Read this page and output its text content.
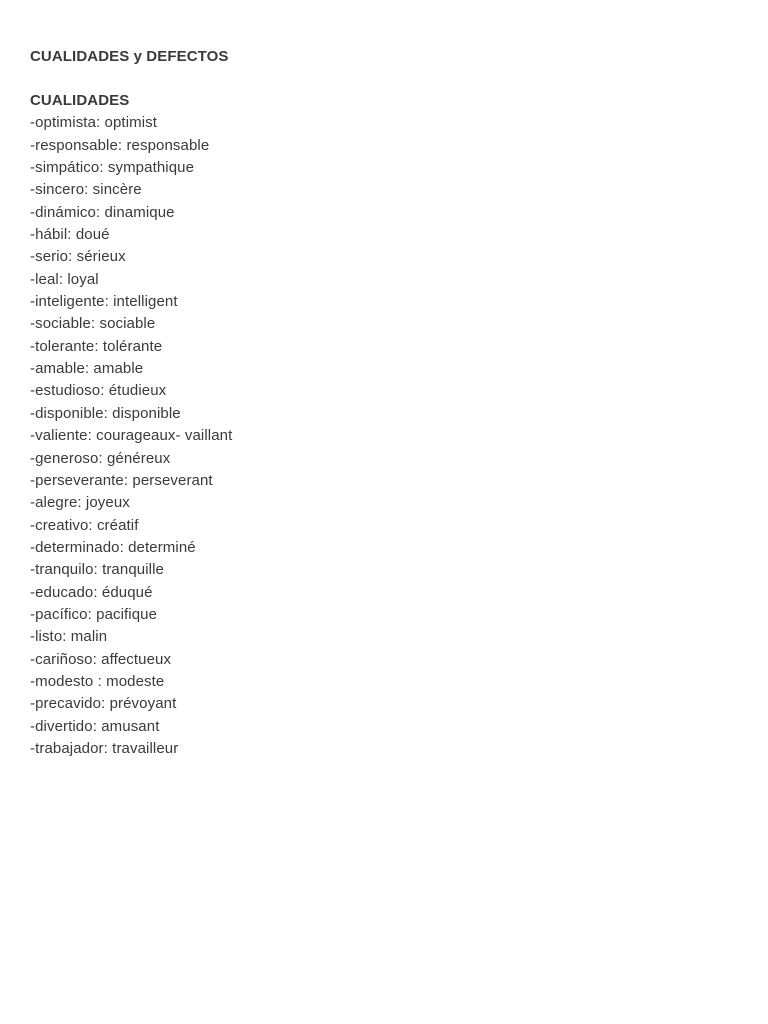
CUALIDADES y DEFECTOS
CUALIDADES
-optimista: optimist
-responsable: responsable
-simpático: sympathique
-sincero: sincère
-dinámico: dinamique
-hábil: doué
-serio: sérieux
-leal: loyal
-inteligente: intelligent
-sociable: sociable
-tolerante: tolérante
-amable: amable
-estudioso: étudieux
-disponible: disponible
-valiente: courageaux- vaillant
-generoso: généreux
-perseverante: perseverant
-alegre: joyeux
-creativo: créatif
-determinado: determiné
-tranquilo: tranquille
-educado: éduqué
-pacífico: pacifique
-listo: malin
-cariñoso: affectueux
-modesto : modeste
-precavido: prévoyant
-divertido: amusant
-trabajador: travailleur
